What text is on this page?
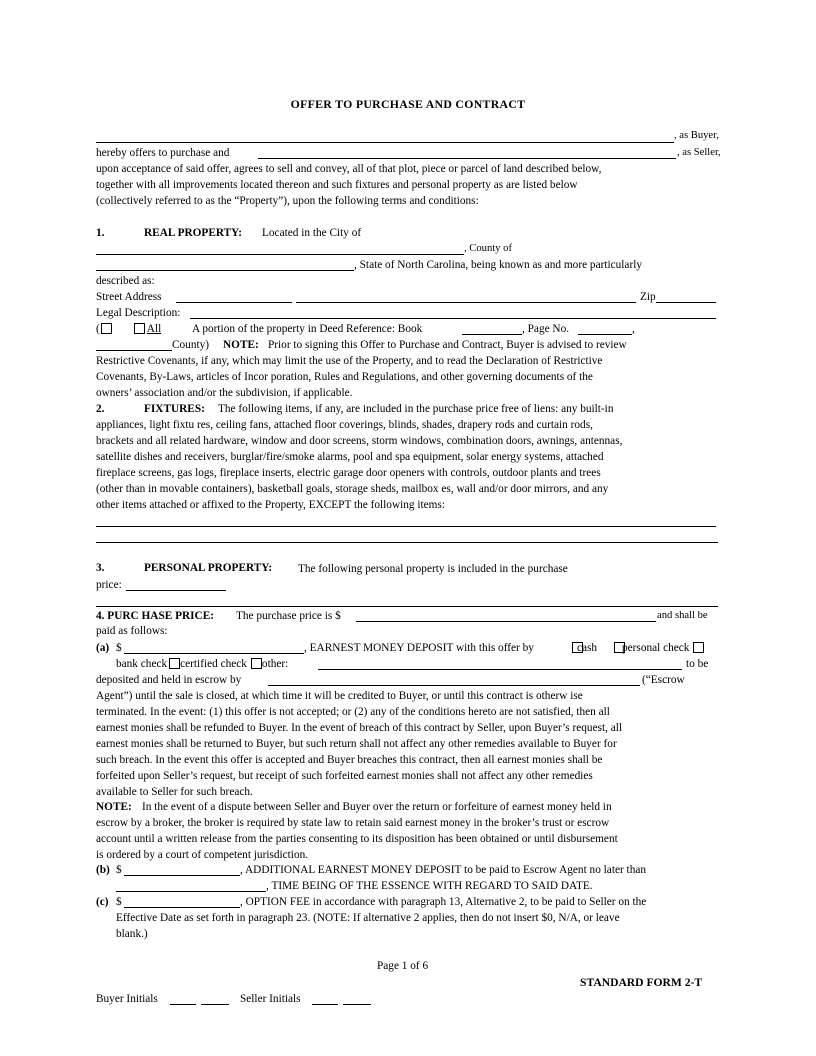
OFFER TO PURCHASE AND CONTRACT
, as Buyer,
hereby offers to purchase and	, as Seller,
upon acceptance of said offer, agrees to sell and convey, all of that plot, piece or parcel of land described below,
together with all improvements located thereon and such fixtures and personal property as are listed below
(collectively referred to as the “Property”), upon the following terms and conditions:
1.	REAL PROPERTY: Located in the City of
, County of
, State of North Carolina, being known as and more particularly
described as:
Street Address	Zip
Legal Description:
(	All	A portion of the property in Deed Reference: Book	, Page No.	,
County) NOTE: Prior to signing this Offer to Purchase and Contract, Buyer is advised to review
Restrictive Covenants, if any, which may limit the use of the Property, and to read the Declaration of Restrictive
Covenants, By-Laws, articles of Incor poration, Rules and Regulations, and other governing documents of the
owners’ association and/or the subdivision, if applicable.
2.	FIXTURES: The following items, if any, are included in the purchase price free of liens: any built-in
appliances, light fixtu res, ceiling fans, attached floor coverings, blinds, shades, drapery rods and curtain rods,
brackets and all related hardware, window and door screens, storm windows, combination doors, awnings, antennas,
satellite dishes and receivers, burglar/fire/smoke alarms, pool and spa equipment, solar energy systems, attached
fireplace screens, gas logs, fireplace inserts, electric garage door openers with controls, outdoor plants and trees
(other than in movable containers), basketball goals, storage sheds, mailbox es, wall and/or door mirrors, and any
other items attached or affixed to the Property, EXCEPT the following items:
3.	PERSONAL PROPERTY: The following personal property is included in the purchase
price:
4. PURC HASE PRICE: The purchase price is $	and shall be
paid as follows:
(a) $	, EARNEST MONEY DEPOSIT with this offer by	cash	personal check
bank check certified check other:	to be
deposited and held in escrow by	(“Escrow
Agent”) until the sale is closed, at which time it will be credited to Buyer, or until this contract is otherw ise
terminated. In the event: (1) this offer is not accepted; or (2) any of the conditions hereto are not satisfied, then all
earnest monies shall be refunded to Buyer. In the event of breach of this contract by Seller, upon Buyer’s request, all
earnest monies shall be returned to Buyer, but such return shall not affect any other remedies available to Buyer for
such breach. In the event this offer is accepted and Buyer breaches this contract, then all earnest monies shall be
forfeited upon Seller’s request, but receipt of such forfeited earnest monies shall not affect any other remedies
available to Seller for such breach.
NOTE: In the event of a dispute between Seller and Buyer over the return or forfeiture of earnest money held in
escrow by a broker, the broker is required by state law to retain said earnest money in the broker’s trust or escrow
account until a written release from the parties consenting to its disposition has been obtained or until disbursement
is ordered by a court of competent jurisdiction.
(b) $	, ADDITIONAL EARNEST MONEY DEPOSIT to be paid to Escrow Agent no later than
, TIME BEING OF THE ESSENCE WITH REGARD TO SAID DATE.
(c) $	, OPTION FEE in accordance with paragraph 13, Alternative 2, to be paid to Seller on the
Effective Date as set forth in paragraph 23. (NOTE: If alternative 2 applies, then do not insert $0, N/A, or leave
blank.)
Page 1 of 6
STANDARD FORM 2-T
Buyer Initials	Seller Initials
